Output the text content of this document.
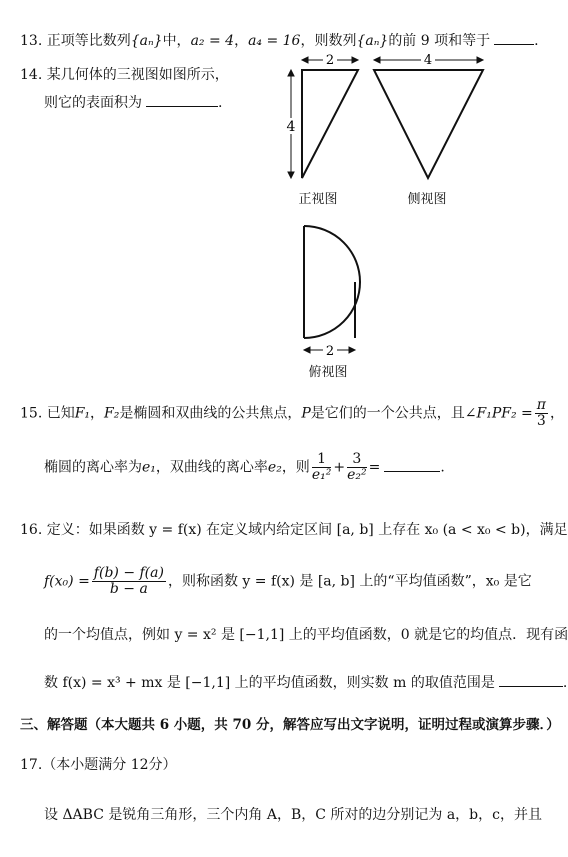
13. 正项等比数列{aₙ}中，a₂ = 4，a₄ = 16，则数列{aₙ}的前 9 项和等于	.
14. 某几何体的三视图如图所示，
则它的表面积为	.
2
4
4
2
正视图	侧视图
俯视图
15. 已知F₁，F₂是椭圆和双曲线的公共焦点，P是它们的一个公共点，且∠F₁PF₂ = $\frac{\pi}{3}$ ，
椭圆的离心率为e₁，双曲线的离心率e₂，则 $\frac{1}{\text{e₁²}} + \frac{3}{\text{e₂²}}$ =	.
16. 定义：如果函数 y = f(x) 在定义域内给定区间 [a, b] 上存在 x₀ (a < x₀ < b)，满足
$f(x_0) = \frac{f(b) - f(a)}{b - a}$ ，则称函数 y = f(x) 是 [a, b] 上的“平均值函数”，x₀ 是它
的一个均值点，例如 y = x² 是 [−1,1] 上的平均值函数，0 就是它的均值点．现有函
数 f(x) = x³ + mx 是 [−1,1] 上的平均值函数，则实数 m 的取值范围是	.
三、解答题（本大题共 6 小题，共 70 分，解答应写出文字说明，证明过程或演算步骤．）
17.（本小题满分 12分）
设 ΔABC 是锐角三角形，三个内角 A，B，C 所对的边分别记为 a，b，c，并且
